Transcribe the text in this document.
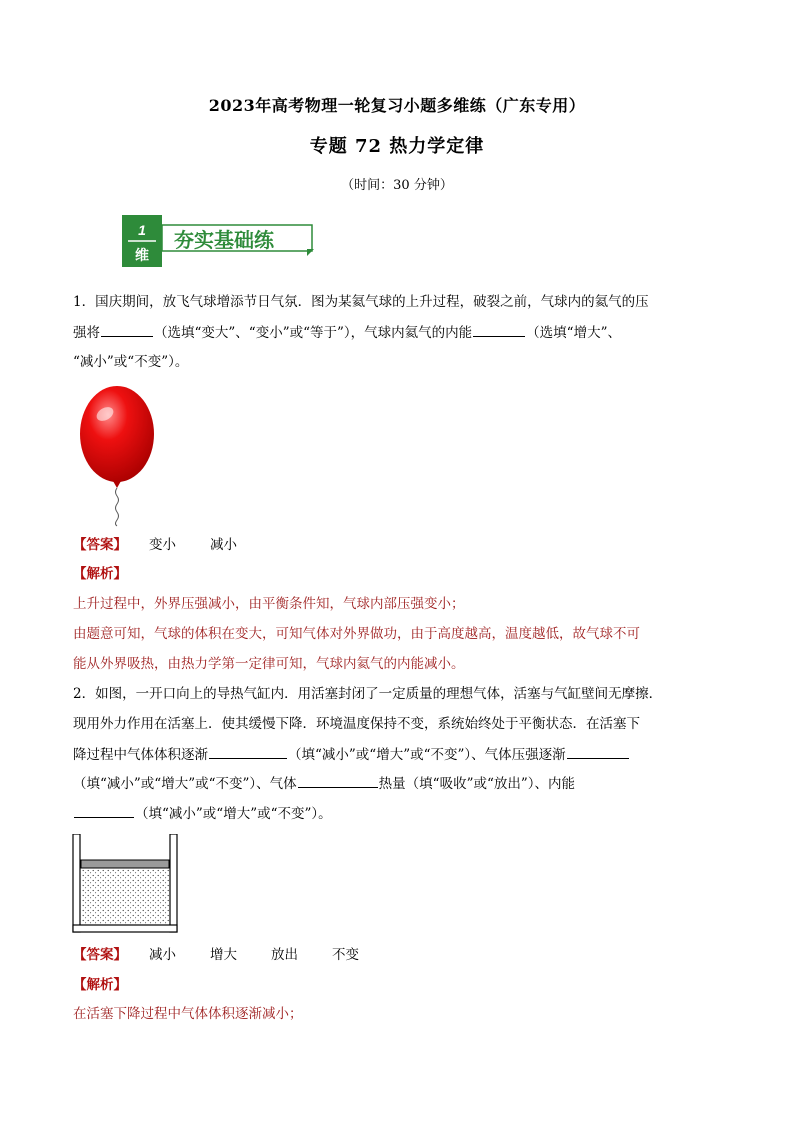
2023年高考物理一轮复习小题多维练（广东专用）
专题 72 热力学定律
（时间：30 分钟）
1
维
夯实基础练
1．国庆期间，放飞气球增添节日气氛．图为某氦气球的上升过程，破裂之前，气球内的氦气的压
强将	（选填“变大”、“变小”或“等于”），气球内氦气的内能	（选填“增大”、
“减小”或“不变”）。
【答案】 变小	减小
【解析】
上升过程中，外界压强减小，由平衡条件知，气球内部压强变小；
由题意可知，气球的体积在变大，可知气体对外界做功，由于高度越高，温度越低，故气球不可
能从外界吸热，由热力学第一定律可知，气球内氦气的内能减小。
2．如图，一开口向上的导热气缸内．用活塞封闭了一定质量的理想气体，活塞与气缸壁间无摩擦．
现用外力作用在活塞上．使其缓慢下降．环境温度保持不变，系统始终处于平衡状态．在活塞下
降过程中气体体积逐渐	（填“减小”或“增大”或“不变”）、气体压强逐渐
（填“减小”或“增大”或“不变”）、气体	热量（填“吸收”或“放出”）、内能
（填“减小”或“增大”或“不变”）。
【答案】 减小	增大	放出	不变
【解析】
在活塞下降过程中气体体积逐渐减小；
